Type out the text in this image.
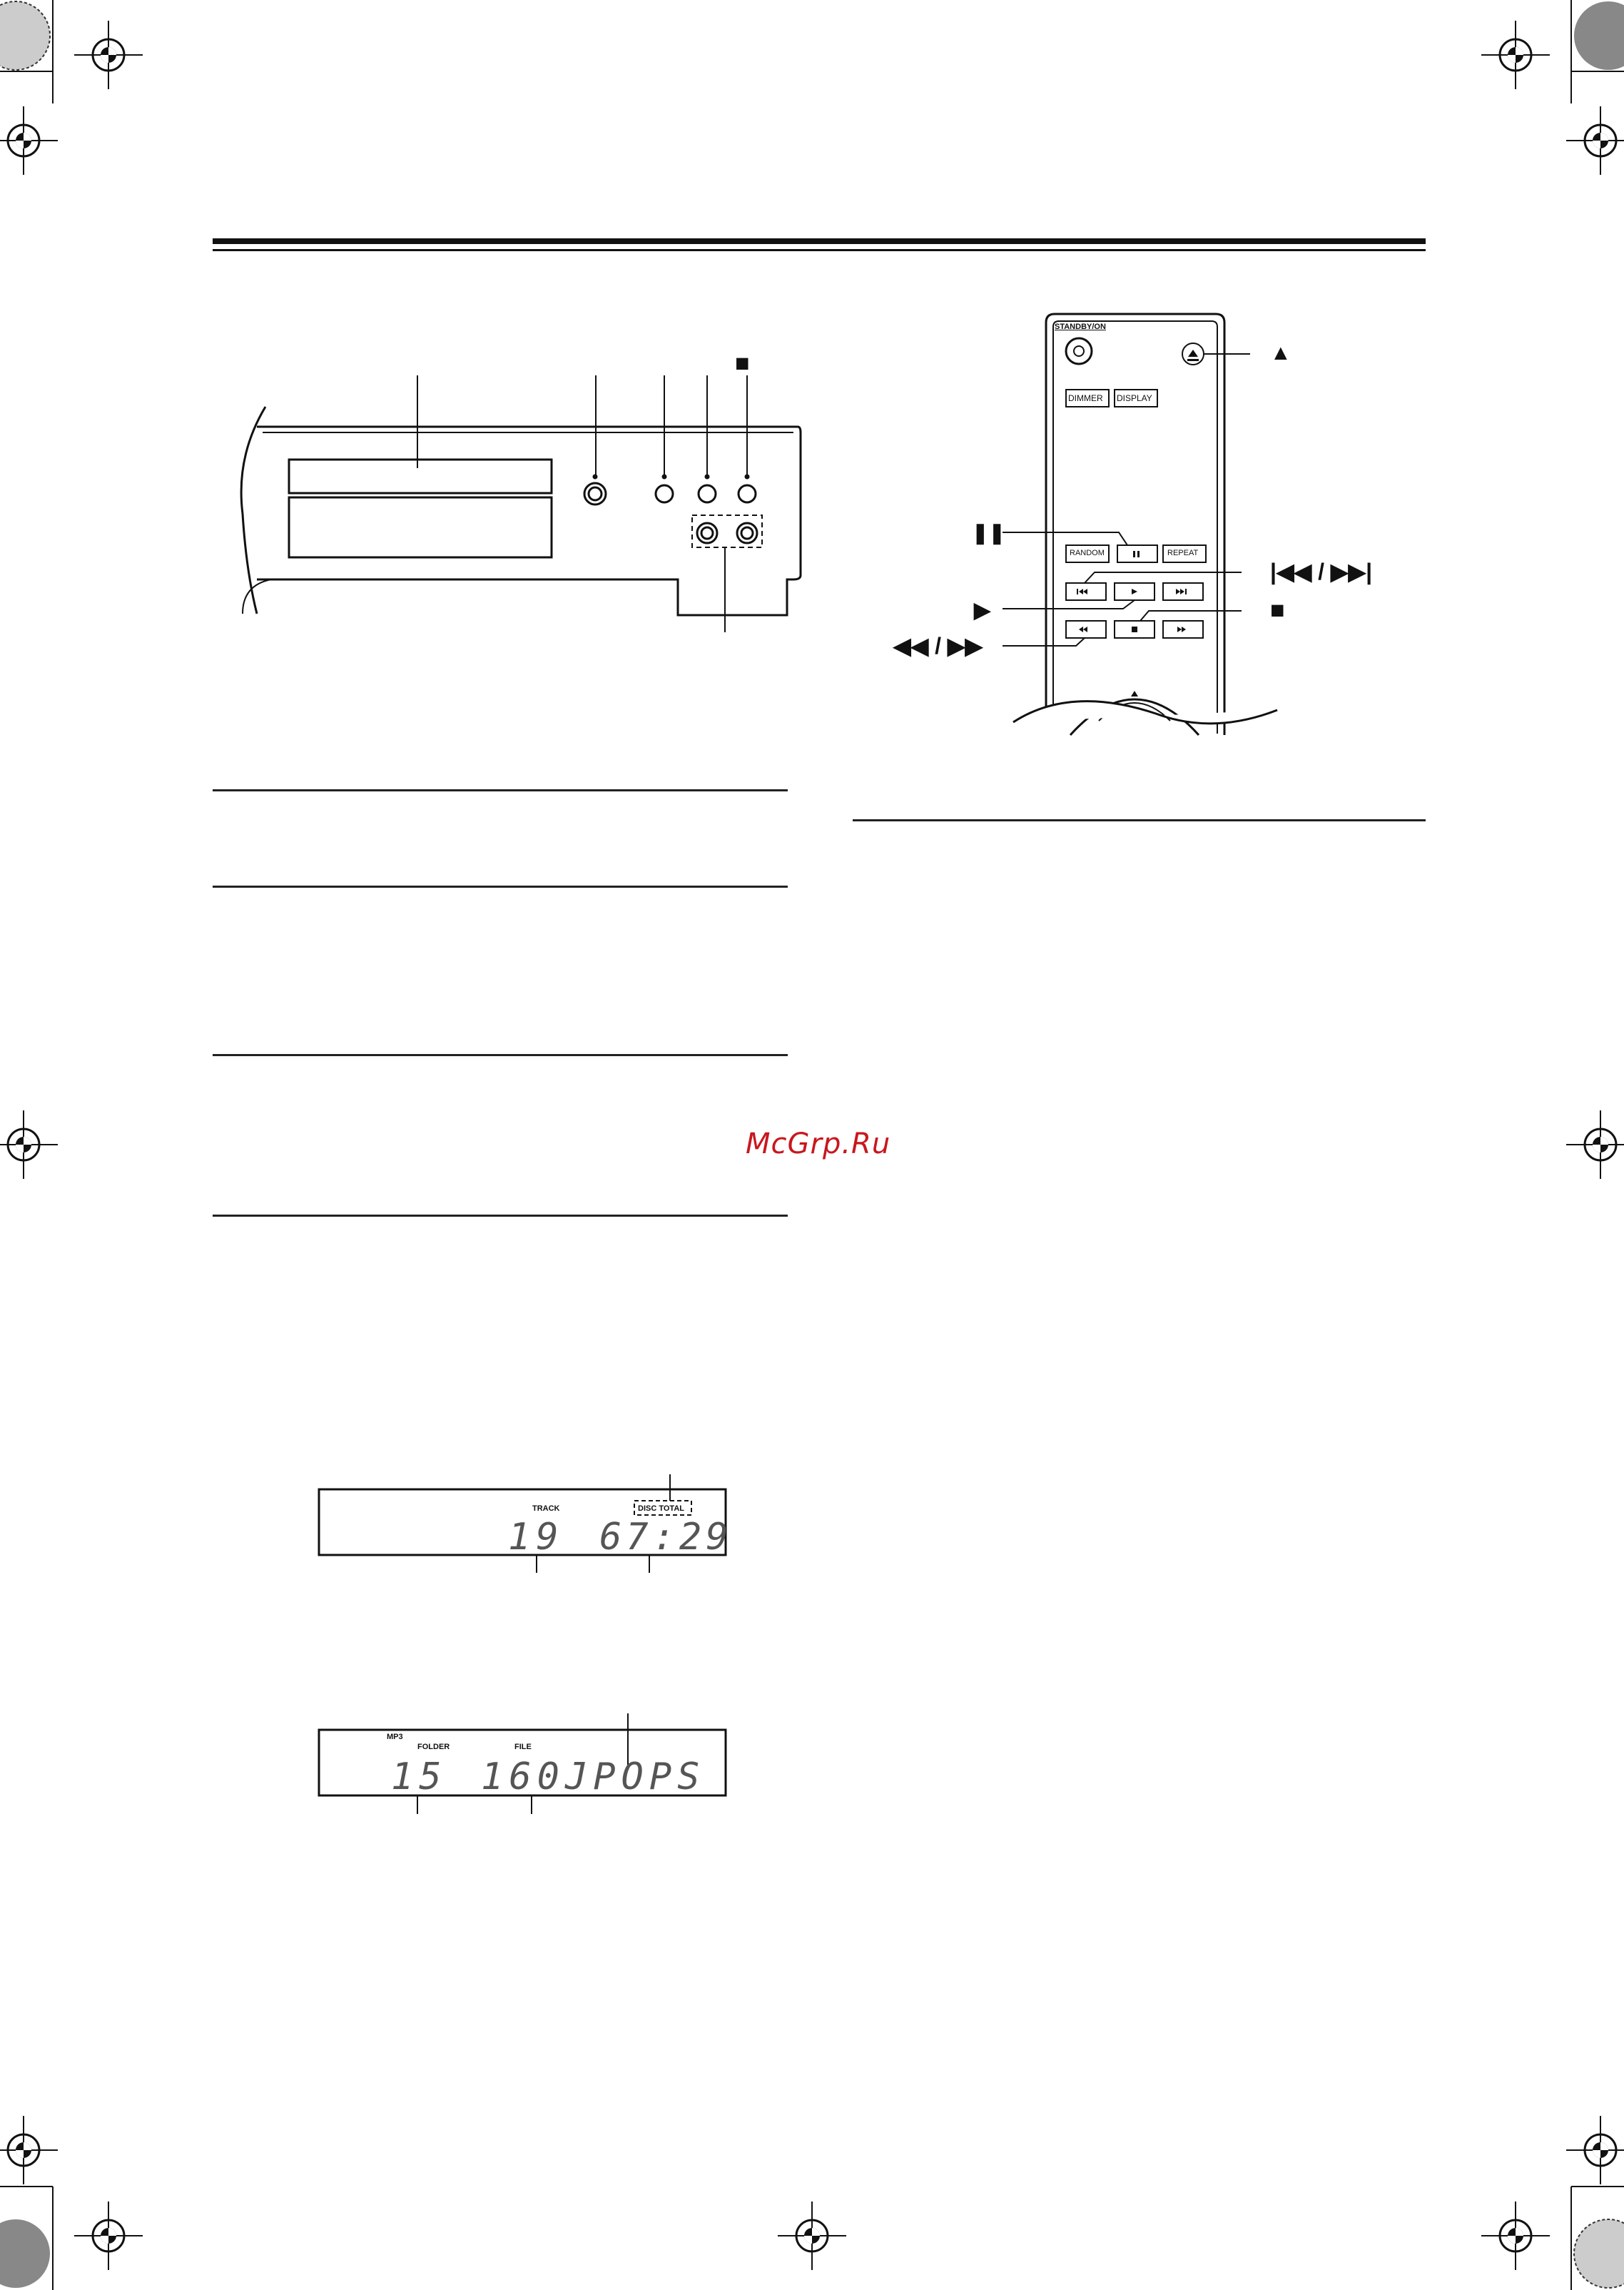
■
STANDBY/ON
DIMMER DISPLAY
RANDOM	REPEAT
▲
❚❚
|◀◀ / ▶▶|
▶	■
◀◀ / ▶▶
McGrp.Ru
TRACK	DISC TOTAL
19 67:29
MP3
FOLDER	FILE
15 160JPOPS
